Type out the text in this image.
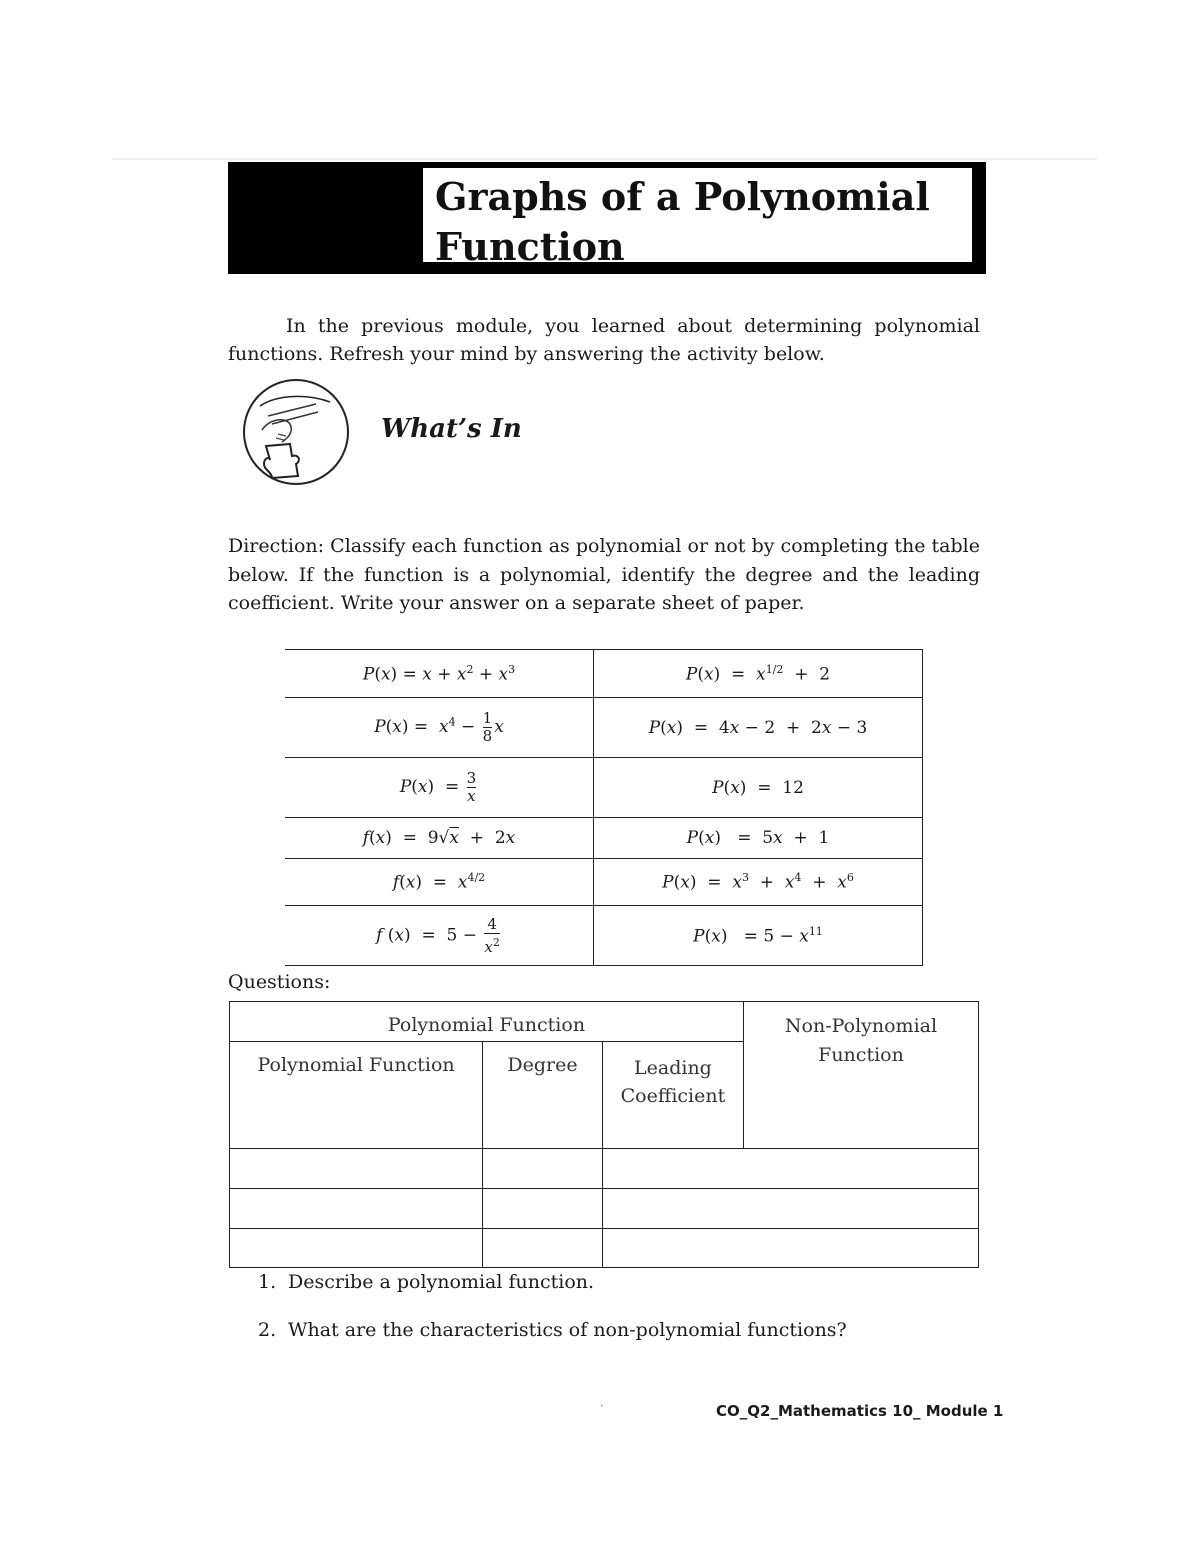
Graphs of a Polynomial
Function
In the previous module, you learned about determining polynomial functions. Refresh your mind by answering the activity below.
What’s In
Direction: Classify each function as polynomial or not by completing the table below. If the function is a polynomial, identify the degree and the leading coefficient. Write your answer on a separate sheet of paper.
$P(x) = x + x^2 + x^3$	$P(x) = x^{1/2} + 2$
$P(x) = x^4 - \frac{1}{8}$ x	P(x)  =  4x − 2  +  2x − 3
$P(x) = \frac{3}{x}$	P(x)  =  12
f(x)  =  9√x  +  2x	P(x)   =  5x  +  1
$f(x) = x^{4/2}$	$P(x) = x^3 + x^4 + x^6$
f $(x) = 5 - \frac{4}{x^2}$	$P(x) = 5 - x^{11}$
Questions:
Polynomial Function			Non-Polynomial Function
Polynomial Function	Degree	Leading Coefficient	

1. Describe a polynomial function.
2. What are the characteristics of non-polynomial functions?
·	CO_Q2_Mathematics 10_ Module 1
